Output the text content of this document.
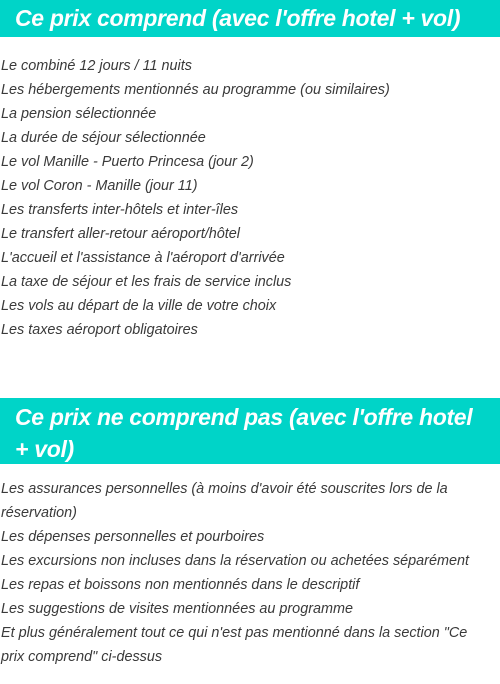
Ce prix comprend (avec l'offre hotel + vol)
Le combiné 12 jours / 11 nuits
Les hébergements mentionnés au programme (ou similaires)
La pension sélectionnée
La durée de séjour sélectionnée
Le vol Manille - Puerto Princesa (jour 2)
Le vol Coron - Manille (jour 11)
Les transferts inter-hôtels et inter-îles
Le transfert aller-retour aéroport/hôtel
L'accueil et l'assistance à l'aéroport d'arrivée
La taxe de séjour et les frais de service inclus
Les vols au départ de la ville de votre choix
Les taxes aéroport obligatoires
Ce prix ne comprend pas (avec l'offre hotel + vol)
Les assurances personnelles (à moins d'avoir été souscrites lors de la réservation)
Les dépenses personnelles et pourboires
Les excursions non incluses dans la réservation ou achetées séparément
Les repas et boissons non mentionnés dans le descriptif
Les suggestions de visites mentionnées au programme
Et plus généralement tout ce qui n'est pas mentionné dans la section "Ce prix comprend" ci-dessus
